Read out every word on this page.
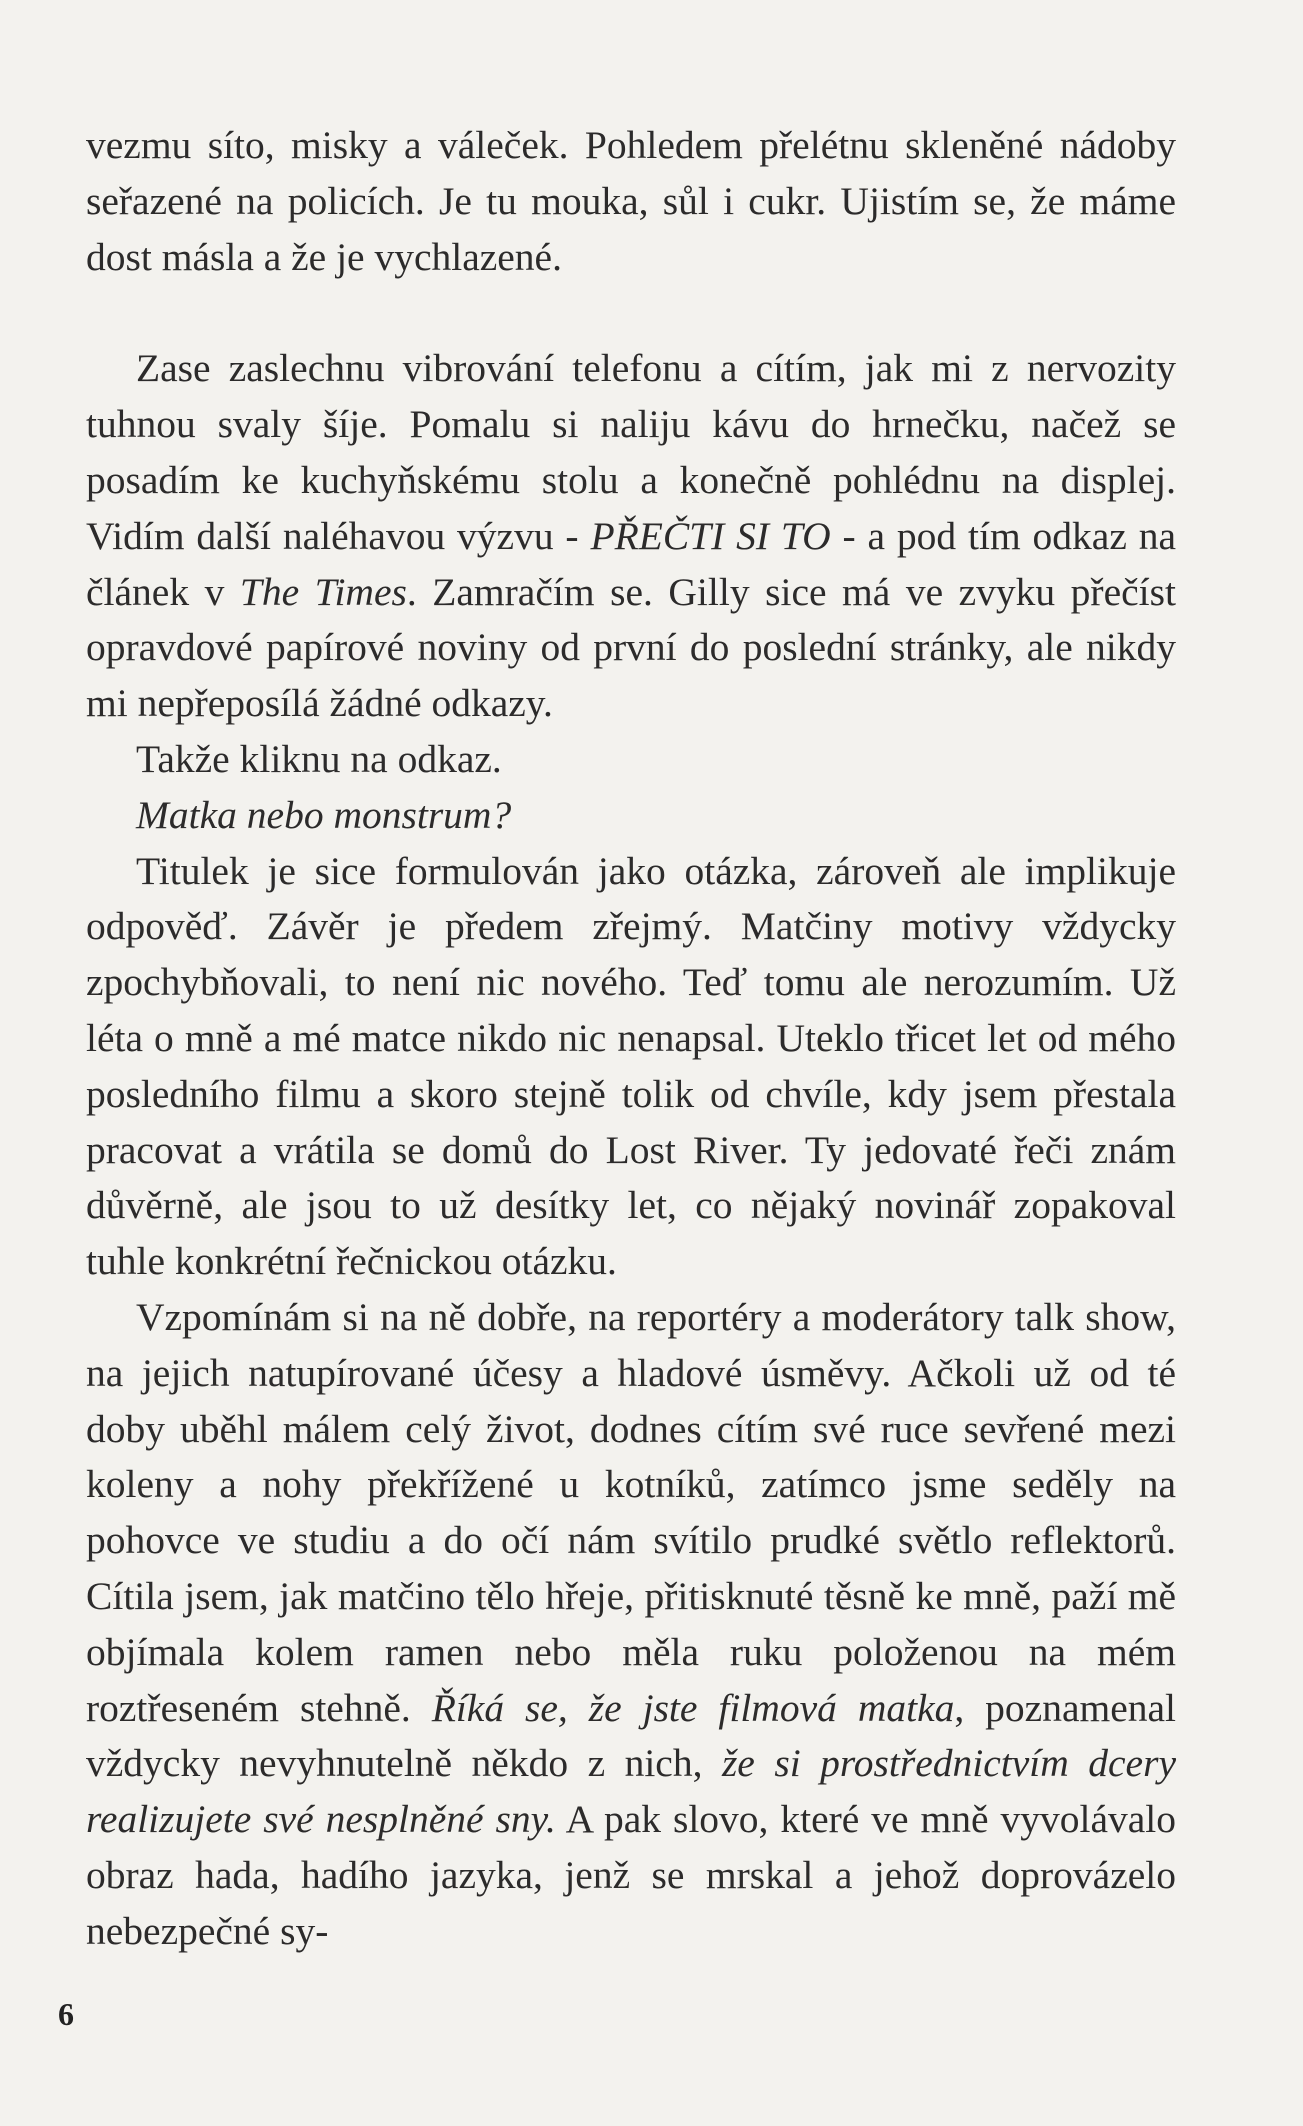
vezmu síto, misky a váleček. Pohledem přelétnu skleněné nádoby seřazené na policích. Je tu mouka, sůl i cukr. Ujistím se, že máme dost másla a že je vychlazené.

Zase zaslechnu vibrování telefonu a cítím, jak mi z nervozity tuhnou svaly šíje. Pomalu si naliju kávu do hrnečku, načež se posadím ke kuchyňskému stolu a konečně pohlédnu na displej. Vidím další naléhavou výzvu - PŘEČTI SI TO - a pod tím odkaz na článek v The Times. Zamračím se. Gilly sice má ve zvyku přečíst opravdové papírové noviny od první do poslední stránky, ale nikdy mi nepřeposílá žádné odkazy.

Takže kliknu na odkaz.

Matka nebo monstrum?

Titulek je sice formulován jako otázka, zároveň ale implikuje odpověď. Závěr je předem zřejmý. Matčiny motivy vždycky zpochybňovali, to není nic nového. Teď tomu ale nerozumím. Už léta o mně a mé matce nikdo nic nenapsal. Uteklo třicet let od mého posledního filmu a skoro stejně tolik od chvíle, kdy jsem přestala pracovat a vrátila se domů do Lost River. Ty jedovaté řeči znám důvěrně, ale jsou to už desítky let, co nějaký novinář zopakoval tuhle konkrétní řečnickou otázku.

Vzpomínám si na ně dobře, na reportéry a moderátory talk show, na jejich natupírované účesy a hladové úsměvy. Ačkoli už od té doby uběhl málem celý život, dodnes cítím své ruce sevřené mezi koleny a nohy překřížené u kotníků, zatímco jsme seděly na pohovce ve studiu a do očí nám svítilo prudké světlo reflektorů. Cítila jsem, jak matčino tělo hřeje, přitisknuté těsně ke mně, paží mě objímala kolem ramen nebo měla ruku položenou na mém roztřeseném stehně. Říká se, že jste filmová matka, poznamenal vždycky nevyhnutelně někdo z nich, že si prostřednictvím dcery realizujete své nesplněné sny. A pak slovo, které ve mně vyvolávalo obraz hada, hadího jazyka, jenž se mrskal a jehož doprovázelo nebezpečné sy-

6
